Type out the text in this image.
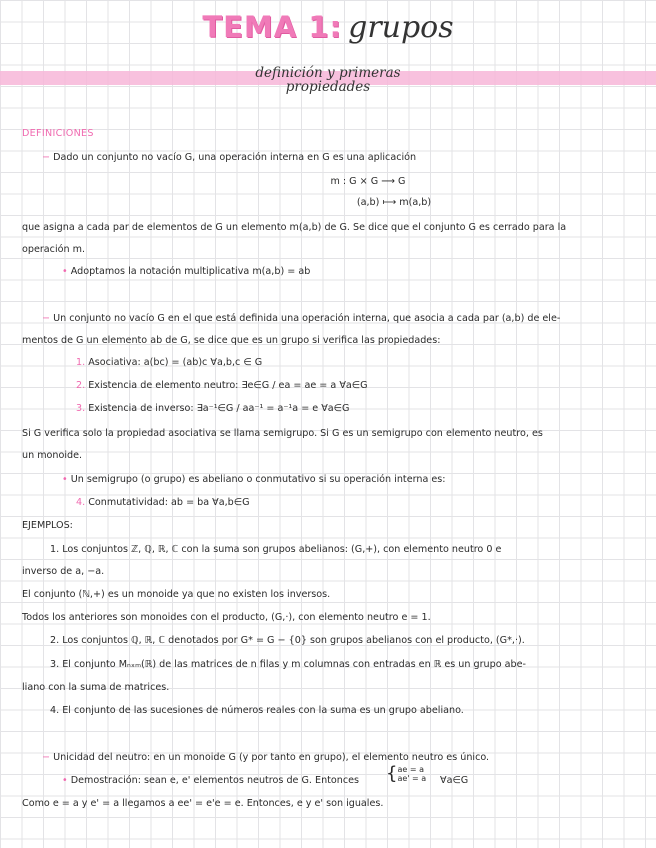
TEMA 1: grupos
definición y primeras
propiedades
DEFINICIONES
− Dado un conjunto no vacío G, una operación interna en G es una aplicación
m : G × G ⟶ G
(a,b) ⟼ m(a,b)
que asigna a cada par de elementos de G un elemento m(a,b) de G. Se dice que el conjunto G es cerrado para la
operación m.
• Adoptamos la notación multiplicativa m(a,b) = ab
− Un conjunto no vacío G en el que está definida una operación interna, que asocia a cada par (a,b) de ele-
mentos de G un elemento ab de G, se dice que es un grupo si verifica las propiedades:
1. Asociativa: a(bc) = (ab)c ∀a,b,c ∈ G
2. Existencia de elemento neutro: ∃e∈G / ea = ae = a ∀a∈G
3. Existencia de inverso: ∃a⁻¹∈G / aa⁻¹ = a⁻¹a = e ∀a∈G
Si G verifica solo la propiedad asociativa se llama semigrupo. Si G es un semigrupo con elemento neutro, es
un monoide.
• Un semigrupo (o grupo) es abeliano o conmutativo si su operación interna es:
4. Conmutatividad: ab = ba ∀a,b∈G
EJEMPLOS:
1. Los conjuntos ℤ, ℚ, ℝ, ℂ con la suma son grupos abelianos: (G,+), con elemento neutro 0 e
inverso de a, −a.
El conjunto (ℕ,+) es un monoide ya que no existen los inversos.
Todos los anteriores son monoides con el producto, (G,·), con elemento neutro e = 1.
2. Los conjuntos ℚ, ℝ, ℂ denotados por G* = G − {0} son grupos abelianos con el producto, (G*,·).
3. El conjunto Mₙₓₘ(ℝ) de las matrices de n filas y m columnas con entradas en ℝ es un grupo abe-
liano con la suma de matrices.
4. El conjunto de las sucesiones de números reales con la suma es un grupo abeliano.
− Unicidad del neutro: en un monoide G (y por tanto en grupo), el elemento neutro es único.
• Demostración: sean e, e' elementos neutros de G. Entonces { ae = a
ae' = a ∀a∈G
Como e = a y e' = a llegamos a ee' = e'e = e. Entonces, e y e' son iguales.
